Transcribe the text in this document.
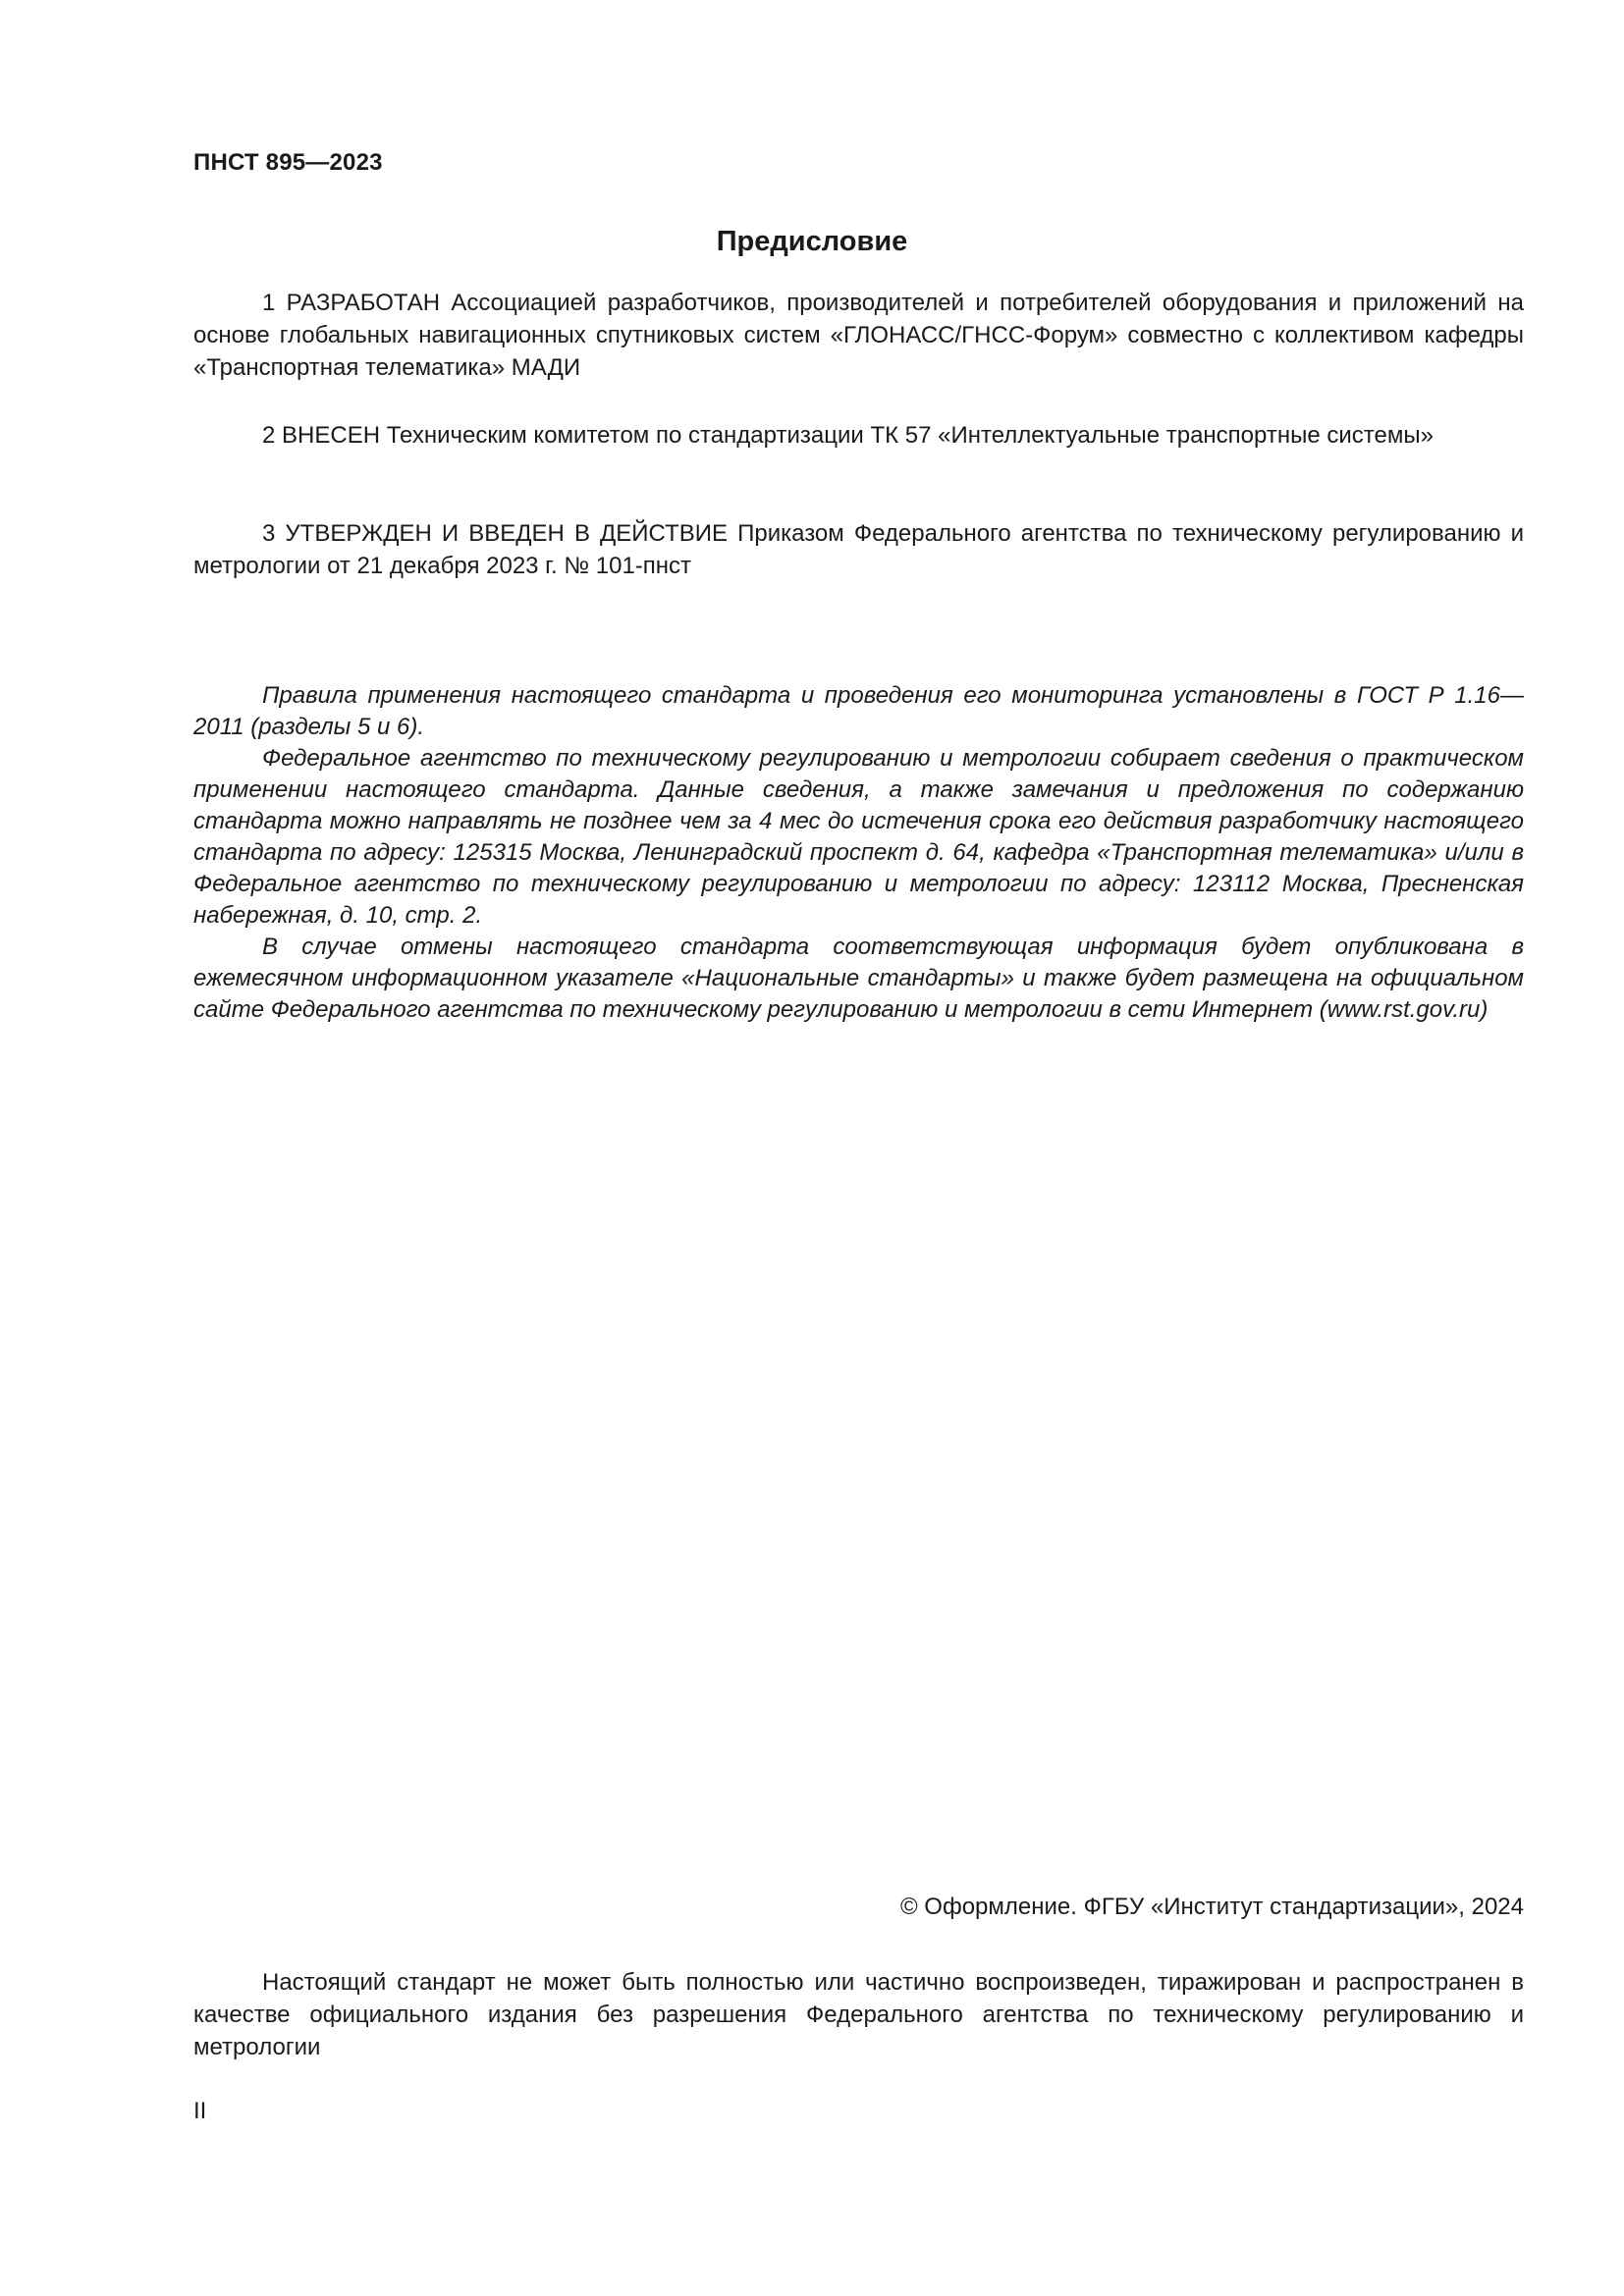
ПНСТ 895—2023
Предисловие
1 РАЗРАБОТАН Ассоциацией разработчиков, производителей и потребителей оборудования и приложений на основе глобальных навигационных спутниковых систем «ГЛОНАСС/ГНСС-Форум» совместно с коллективом кафедры «Транспортная телематика» МАДИ
2 ВНЕСЕН Техническим комитетом по стандартизации ТК 57 «Интеллектуальные транспортные системы»
3 УТВЕРЖДЕН И ВВЕДЕН В ДЕЙСТВИЕ Приказом Федерального агентства по техническому регулированию и метрологии от 21 декабря 2023 г. № 101-пнст

Правила применения настоящего стандарта и проведения его мониторинга установлены в ГОСТ Р 1.16—2011 (разделы 5 и 6).

Федеральное агентство по техническому регулированию и метрологии собирает сведения о практическом применении настоящего стандарта. Данные сведения, а также замечания и предложения по содержанию стандарта можно направлять не позднее чем за 4 мес до истечения срока его действия разработчику настоящего стандарта по адресу: 125315 Москва, Ленинградский проспект д. 64, кафедра «Транспортная телематика» и/или в Федеральное агентство по техническому регулированию и метрологии по адресу: 123112 Москва, Пресненская набережная, д. 10, стр. 2.

В случае отмены настоящего стандарта соответствующая информация будет опубликована в ежемесячном информационном указателе «Национальные стандарты» и также будет размещена на официальном сайте Федерального агентства по техническому регулированию и метрологии в сети Интернет (www.rst.gov.ru)

© Оформление. ФГБУ «Институт стандартизации», 2024
Настоящий стандарт не может быть полностью или частично воспроизведен, тиражирован и распространен в качестве официального издания без разрешения Федерального агентства по техническому регулированию и метрологии
II
